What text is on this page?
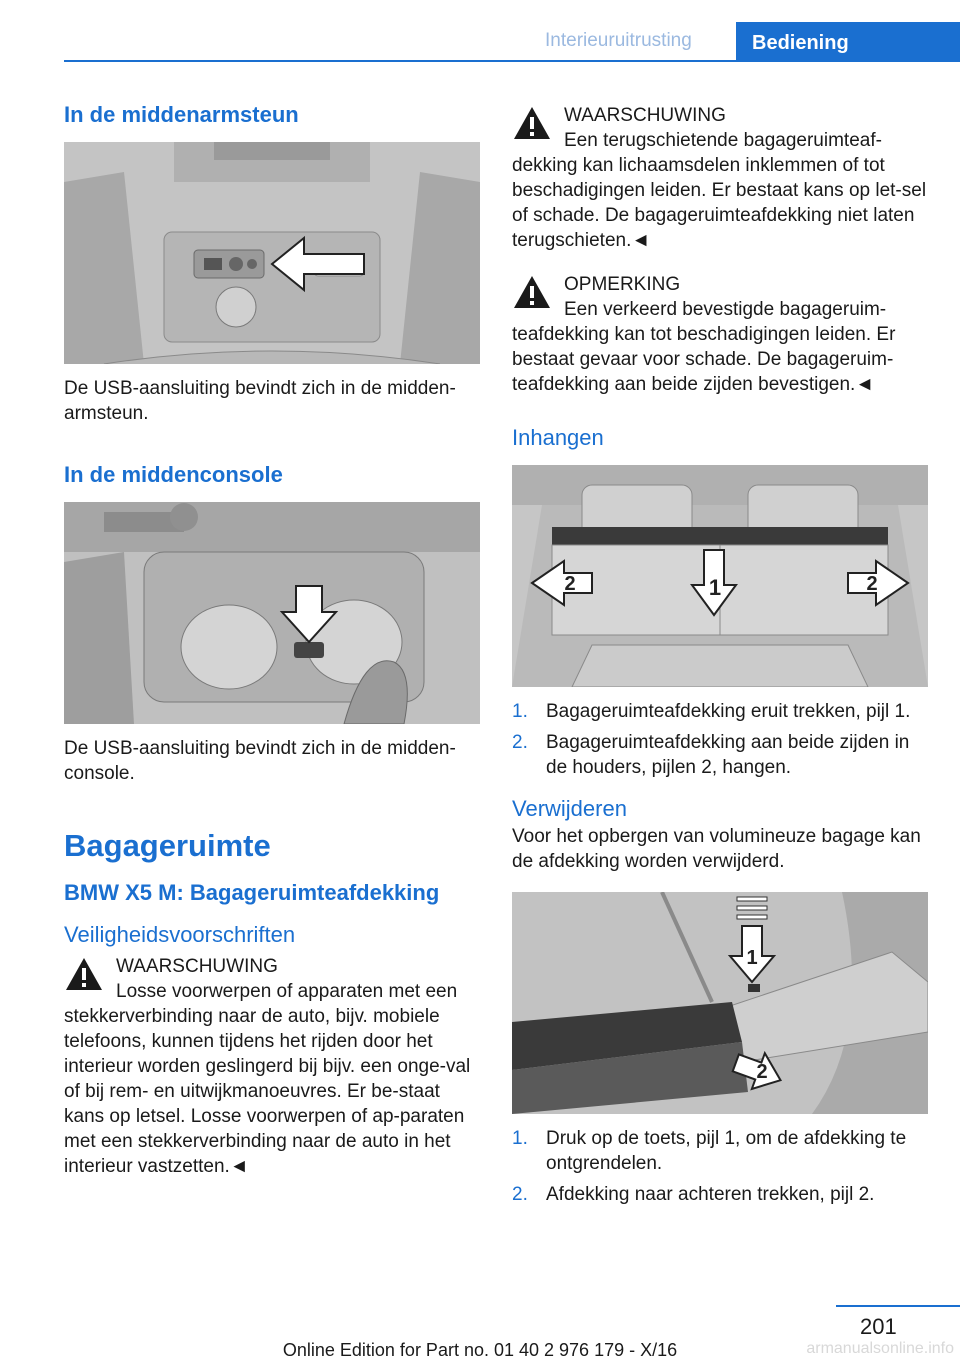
Interieuruitrusting	Bediening
In de middenarmsteun

De USB-aansluiting bevindt zich in de midden-armsteun.

In de middenconsole

De USB-aansluiting bevindt zich in de midden-console.

Bagageruimte
BMW X5 M: Bagageruimteafdekking
Veiligheidsvoorschriften
WAARSCHUWING
Losse voorwerpen of apparaten met een

stekkerverbinding naar de auto, bijv. mobiele telefoons, kunnen tijdens het rijden door het interieur worden geslingerd bij bijv. een onge-val of bij rem- en uitwijkmanoeuvres. Er be-staat kans op letsel. Losse voorwerpen of ap-paraten met een stekkerverbinding naar de auto in het interieur vastzetten.◄

WAARSCHUWING
Een terugschietende bagageruimteaf-

dekking kan lichaamsdelen inklemmen of tot beschadigingen leiden. Er bestaat kans op let-sel of schade. De bagageruimteafdekking niet laten terugschieten.◄

OPMERKING
Een verkeerd bevestigde bagageruim-

teafdekking kan tot beschadigingen leiden. Er bestaat gevaar voor schade. De bagageruim-teafdekking aan beide zijden bevestigen.◄

Inhangen
1
2	2
1. Bagageruimteafdekking eruit trekken, pijl 1.
2. Bagageruimteafdekking aan beide zijden in de houders, pijlen 2, hangen.
Verwijderen

Voor het opbergen van volumineuze bagage kan de afdekking worden verwijderd.

1
2
1. Druk op de toets, pijl 1, om de afdekking te ontgrendelen.
2. Afdekking naar achteren trekken, pijl 2.
201
Online Edition for Part no. 01 40 2 976 179 - X/16	armanualsonline.info
